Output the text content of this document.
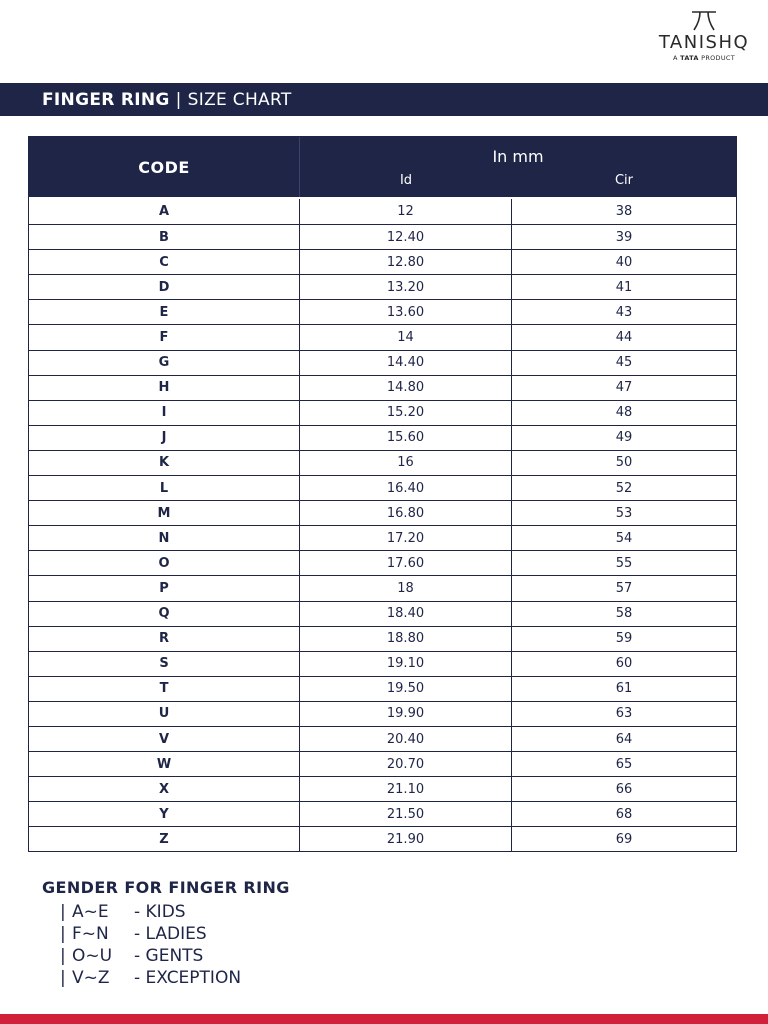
TANISHQ
A TATA PRODUCT
FINGER RING | SIZE CHART
CODE
In mm
Id	Cir
A	12	38
B	12.40	39
C	12.80	40
D	13.20	41
E	13.60	43
F	14	44
G	14.40	45
H	14.80	47
I	15.20	48
J	15.60	49
K	16	50
L	16.40	52
M	16.80	53
N	17.20	54
O	17.60	55
P	18	57
Q	18.40	58
R	18.80	59
S	19.10	60
T	19.50	61
U	19.90	63
V	20.40	64
W	20.70	65
X	21.10	66
Y	21.50	68
Z	21.90	69
GENDER FOR FINGER RING
| A~E	- KIDS
| F~N	- LADIES
| O~U	- GENTS
| V~Z	- EXCEPTION
